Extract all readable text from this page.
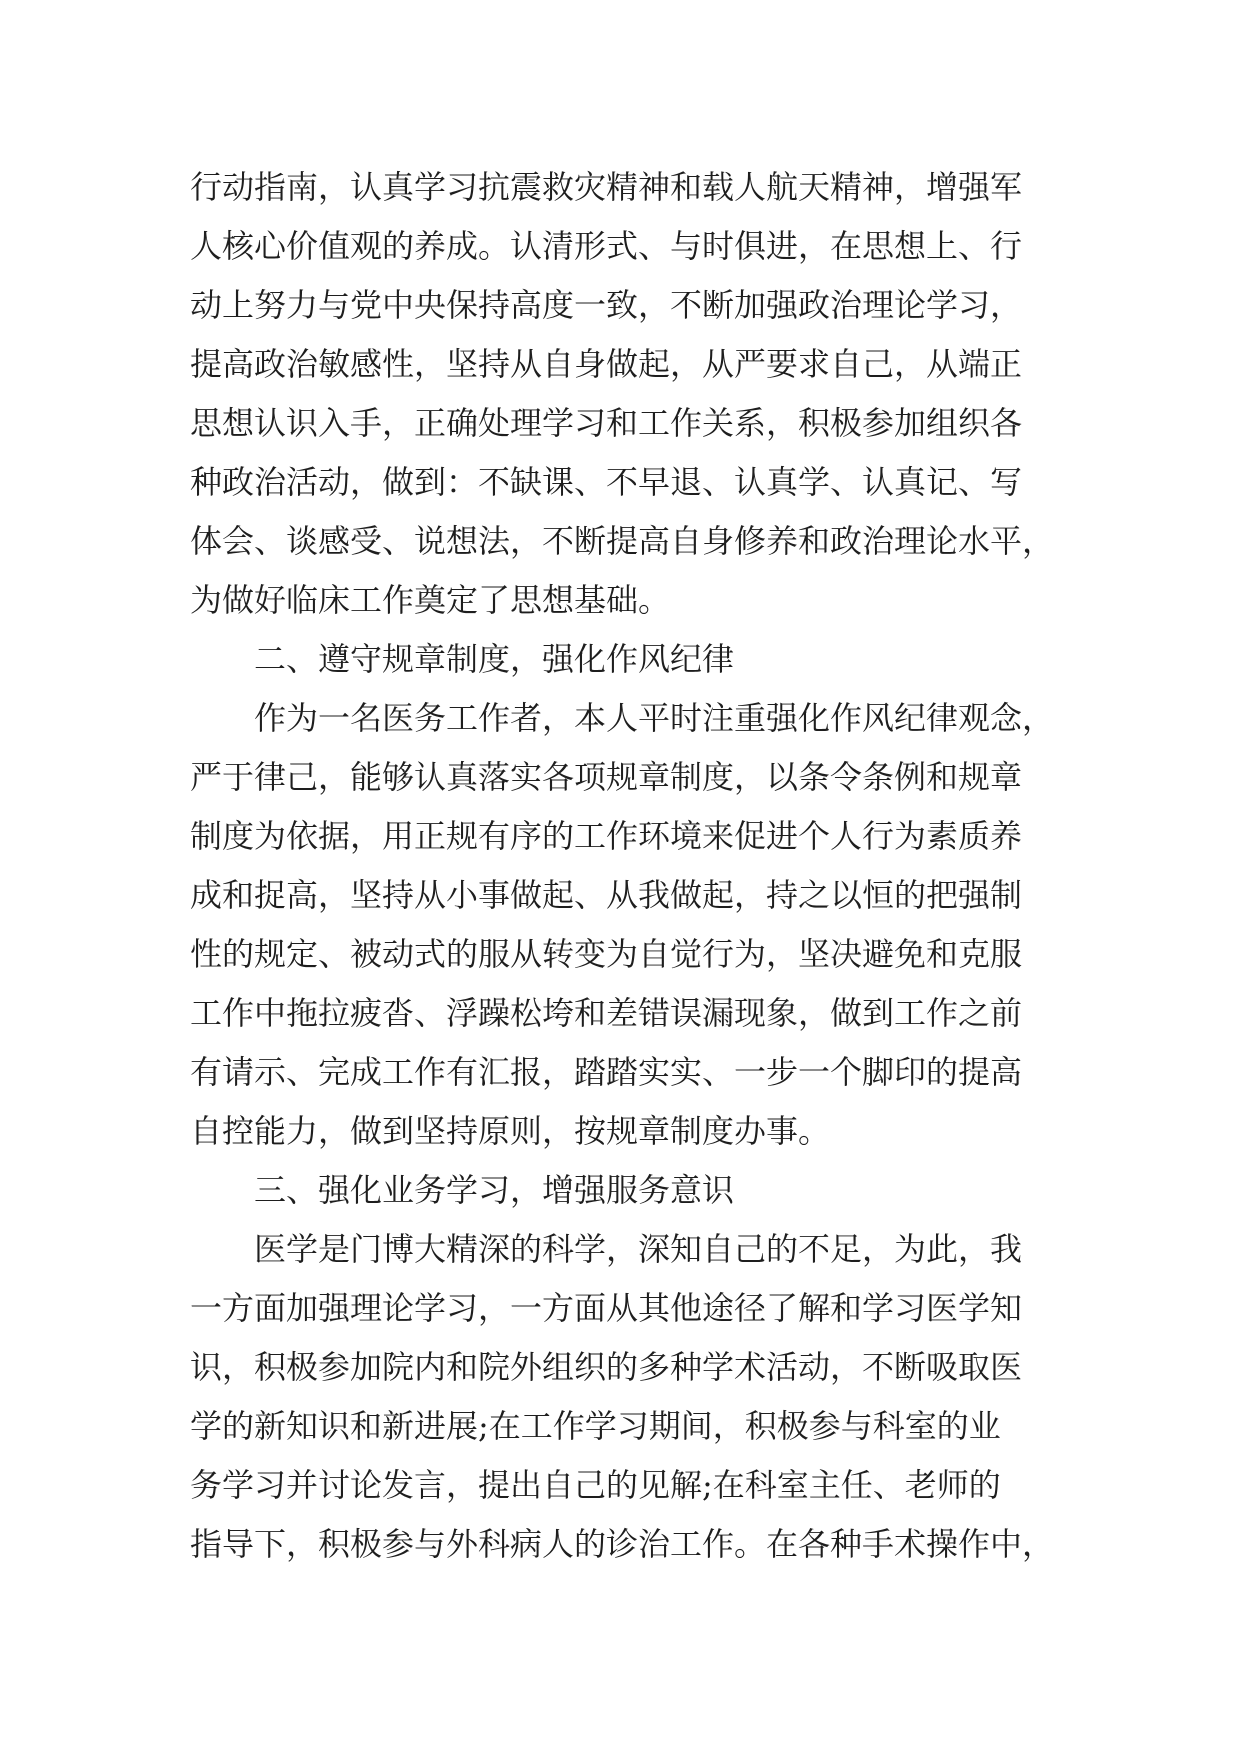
行动指南，认真学习抗震救灾精神和载人航天精神，增强军
人核心价值观的养成。认清形式、与时俱进，在思想上、行
动上努力与党中央保持高度一致，不断加强政治理论学习，
提高政治敏感性，坚持从自身做起，从严要求自己，从端正
思想认识入手，正确处理学习和工作关系，积极参加组织各
种政治活动，做到：不缺课、不早退、认真学、认真记、写
体会、谈感受、说想法，不断提高自身修养和政治理论水平，
为做好临床工作奠定了思想基础。
二、遵守规章制度，强化作风纪律
作为一名医务工作者，本人平时注重强化作风纪律观念，
严于律己，能够认真落实各项规章制度，以条令条例和规章
制度为依据，用正规有序的工作环境来促进个人行为素质养
成和捉高，坚持从小事做起、从我做起，持之以恒的把强制
性的规定、被动式的服从转变为自觉行为，坚决避免和克服
工作中拖拉疲沓、浮躁松垮和差错误漏现象，做到工作之前
有请示、完成工作有汇报，踏踏实实、一步一个脚印的提高
自控能力，做到坚持原则，按规章制度办事。
三、强化业务学习，增强服务意识
医学是门博大精深的科学，深知自己的不足，为此，我
一方面加强理论学习，一方面从其他途径了解和学习医学知
识，积极参加院内和院外组织的多种学术活动，不断吸取医
学的新知识和新进展;在工作学习期间，积极参与科室的业
务学习并讨论发言，提出自己的见解;在科室主任、老师的
指导下，积极参与外科病人的诊治工作。在各种手术操作中，
